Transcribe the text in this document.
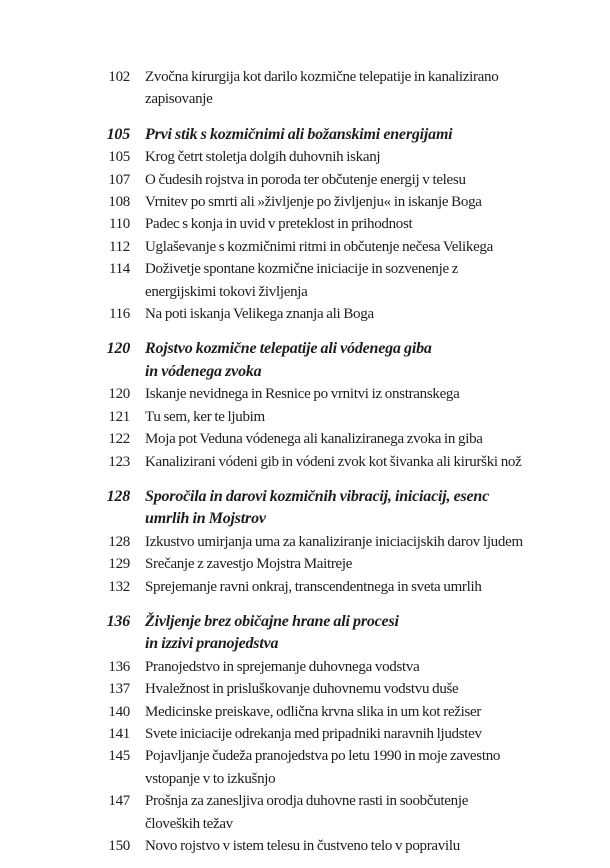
102 Zvočna kirurgija kot darilo kozmične telepatije in kanalizirano
zapisovanje
105 Prvi stik s kozmičnimi ali božanskimi energijami
105 Krog četrt stoletja dolgih duhovnih iskanj
107 O čudesih rojstva in poroda ter občutenje energij v telesu
108 Vrnitev po smrti ali »življenje po življenju« in iskanje Boga
110 Padec s konja in uvid v preteklost in prihodnost
112 Uglaševanje s kozmičnimi ritmi in občutenje nečesa Velikega
114 Doživetje spontane kozmične iniciacije in sozvenenje z
energijskimi tokovi življenja
116 Na poti iskanja Velikega znanja ali Boga
120 Rojstvo kozmične telepatije ali vódenega giba
in vódenega zvoka
120 Iskanje nevidnega in Resnice po vrnitvi iz onstranskega
121 Tu sem, ker te ljubim
122 Moja pot Veduna vódenega ali kanaliziranega zvoka in giba
123 Kanalizirani vódeni gib in vódeni zvok kot šivanka ali kirurški nož
128 Sporočila in darovi kozmičnih vibracij, iniciacij, esenc
umrlih in Mojstrov
128 Izkustvo umirjanja uma za kanaliziranje iniciacijskih darov ljudem
129 Srečanje z zavestjo Mojstra Maitreje
132 Sprejemanje ravni onkraj, transcendentnega in sveta umrlih
136 Življenje brez običajne hrane ali procesi
in izzivi pranojedstva
136 Pranojedstvo in sprejemanje duhovnega vodstva
137 Hvaležnost in prisluškovanje duhovnemu vodstvu duše
140 Medicinske preiskave, odlična krvna slika in um kot režiser
141 Svete iniciacije odrekanja med pripadniki naravnih ljudstev
145 Pojavljanje čudeža pranojedstva po letu 1990 in moje zavestno
vstopanje v to izkušnjo
147 Prošnja za zanesljiva orodja duhovne rasti in soobčutenje
človeških težav
150 Novo rojstvo v istem telesu in čustveno telo v popravilu
